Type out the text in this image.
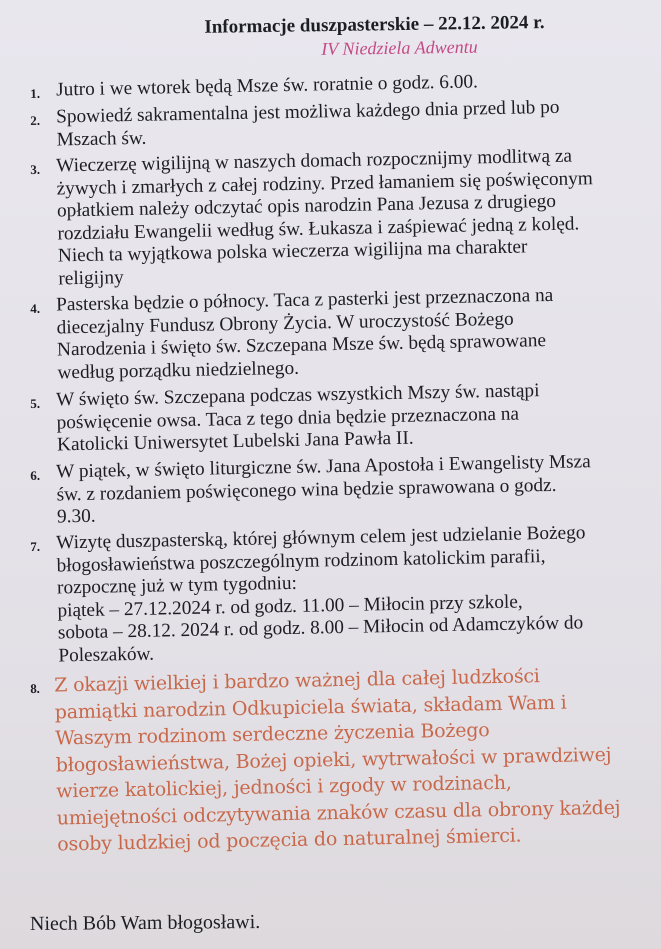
Informacje duszpasterskie – 22.12. 2024 r.
IV Niedziela Adwentu
1. Jutro i we wtorek będą Msze św. roratnie o godz. 6.00.
2. Spowiedź sakramentalna jest możliwa każdego dnia przed lub po
Mszach św.
3. Wieczerzę wigilijną w naszych domach rozpocznijmy modlitwą za
żywych i zmarłych z całej rodziny. Przed łamaniem się poświęconym
opłatkiem należy odczytać opis narodzin Pana Jezusa z drugiego
rozdziału Ewangelii według św. Łukasza i zaśpiewać jedną z kolęd.
Niech ta wyjątkowa polska wieczerza wigilijna ma charakter
religijny
4. Pasterska będzie o północy. Taca z pasterki jest przeznaczona na
diecezjalny Fundusz Obrony Życia. W uroczystość Bożego
Narodzenia i święto św. Szczepana Msze św. będą sprawowane
według porządku niedzielnego.
5. W święto św. Szczepana podczas wszystkich Mszy św. nastąpi
poświęcenie owsa. Taca z tego dnia będzie przeznaczona na
Katolicki Uniwersytet Lubelski Jana Pawła II.
6. W piątek, w święto liturgiczne św. Jana Apostoła i Ewangelisty Msza
św. z rozdaniem poświęconego wina będzie sprawowana o godz.
9.30.
7. Wizytę duszpasterską, której głównym celem jest udzielanie Bożego
błogosławieństwa poszczególnym rodzinom katolickim parafii,
rozpocznę już w tym tygodniu:
piątek – 27.12.2024 r. od godz. 11.00 – Miłocin przy szkole,
sobota – 28.12. 2024 r. od godz. 8.00 – Miłocin od Adamczyków do
Poleszaków.
8. Z okazji wielkiej i bardzo ważnej dla całej ludzkości
pamiątki narodzin Odkupiciela świata, składam Wam i
Waszym rodzinom serdeczne życzenia Bożego
błogosławieństwa, Bożej opieki, wytrwałości w prawdziwej
wierze katolickiej, jedności i zgody w rodzinach,
umiejętności odczytywania znaków czasu dla obrony każdej
osoby ludzkiej od poczęcia do naturalnej śmierci.
Niech Bób Wam błogosławi.
